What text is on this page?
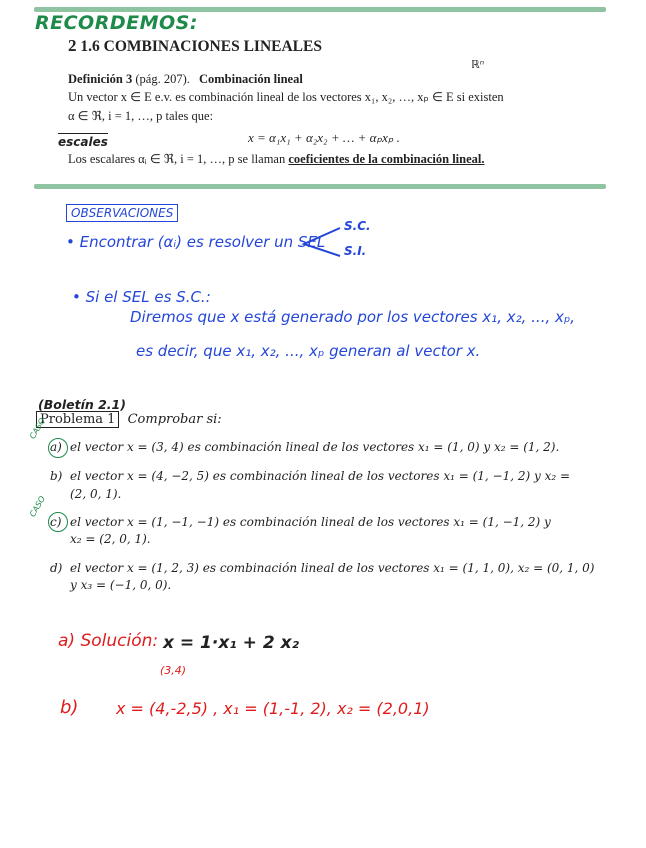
RECORDEMOS:
2 1.6 COMBINACIONES LINEALES
ℝⁿ
Definición 3 (pág. 207). Combinación lineal
Un vector x ∈ E e.v. es combinación lineal de los vectores x₁, x₂, …, xₚ ∈ E si existen
α ∈ ℜ, i = 1, …, p tales que:
escales	x = α₁x₁ + α₂x₂ + … + αₚxₚ .
Los escalares αᵢ ∈ ℜ, i = 1, …, p se llaman coeficientes de la combinación lineal.
OBSERVACIONES
• Encontrar (αᵢ) es resolver un SEL
S.C.
S.I.
• Si el SEL es S.C.:
Diremos que x está generado por los vectores x₁, x₂, ..., xₚ,
es decir, que x₁, x₂, ..., xₚ generan al vector x.
(Boletín 2.1)
Problema 1 Comprobar si:
CASO
a) el vector x = (3, 4) es combinación lineal de los vectores x₁ = (1, 0) y x₂ = (1, 2).
b) el vector x = (4, −2, 5) es combinación lineal de los vectores x₁ = (1, −1, 2) y x₂ =
(2, 0, 1).
CASO
c) el vector x = (1, −1, −1) es combinación lineal de los vectores x₁ = (1, −1, 2) y
x₂ = (2, 0, 1).
d) el vector x = (1, 2, 3) es combinación lineal de los vectores x₁ = (1, 1, 0), x₂ = (0, 1, 0)
y x₃ = (−1, 0, 0).
a) Solución: x = 1·x₁ + 2 x₂
(3,4)
b) x = (4,-2,5) , x₁ = (1,-1, 2), x₂ = (2,0,1)
